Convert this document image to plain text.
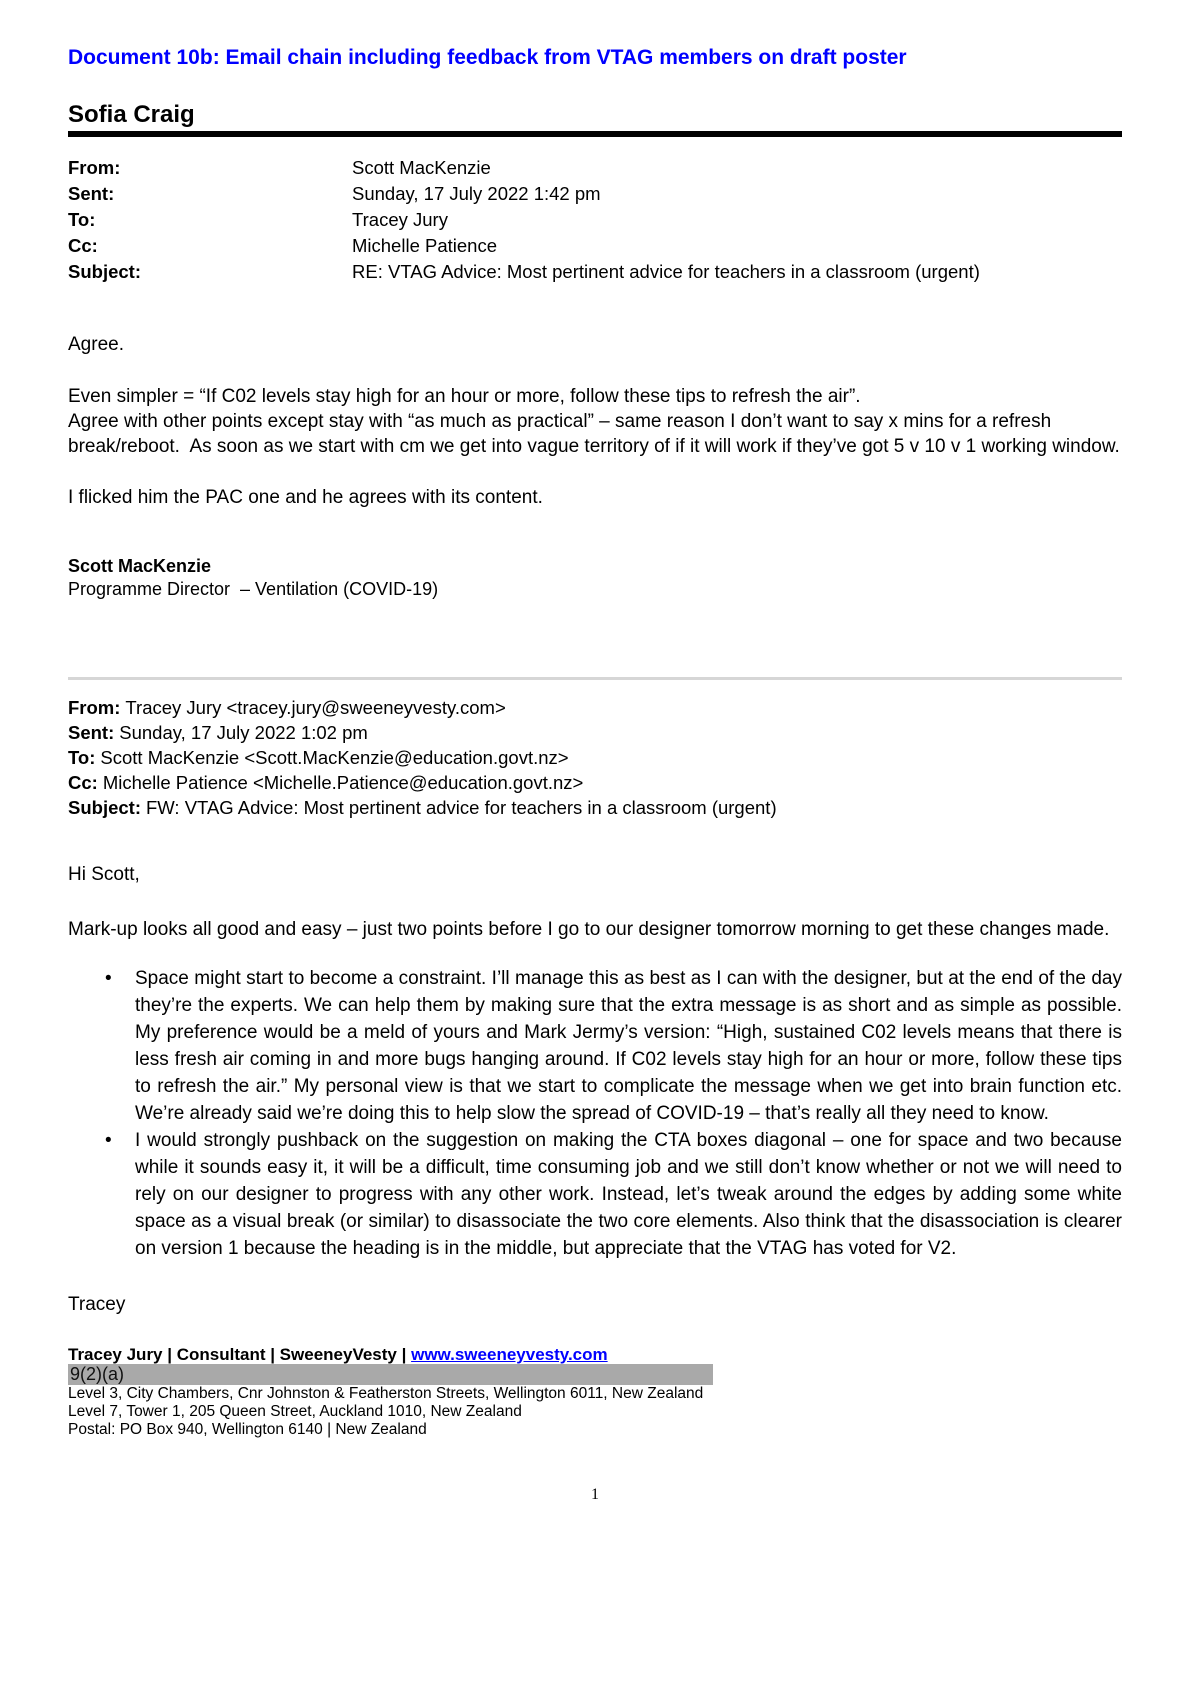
Document 10b: Email chain including feedback from VTAG members on draft poster
Sofia Craig
From:	Scott MacKenzie
Sent:	Sunday, 17 July 2022 1:42 pm
To:	Tracey Jury
Cc:	Michelle Patience
Subject:	RE: VTAG Advice: Most pertinent advice for teachers in a classroom (urgent)

Agree.

Even simpler = “If C02 levels stay high for an hour or more, follow these tips to refresh the air”.

Agree with other points except stay with “as much as practical” – same reason I don’t want to say x mins for a refresh break/reboot.  As soon as we start with cm we get into vague territory of if it will work if they’ve got 5 v 10 v 1 working window.

I flicked him the PAC one and he agrees with its content.

Scott MacKenzie
Programme Director  – Ventilation (COVID-19)

From: Tracey Jury <tracey.jury@sweeneyvesty.com>

Sent: Sunday, 17 July 2022 1:02 pm

To: Scott MacKenzie <Scott.MacKenzie@education.govt.nz>

Cc: Michelle Patience <Michelle.Patience@education.govt.nz>

Subject: FW: VTAG Advice: Most pertinent advice for teachers in a classroom (urgent)

Hi Scott,

Mark-up looks all good and easy – just two points before I go to our designer tomorrow morning to get these changes made.

•	Space might start to become a constraint. I’ll manage this as best as I can with the designer, but at the end of the day they’re the experts. We can help them by making sure that the extra message is as short and as simple as possible. My preference would be a meld of yours and Mark Jermy’s version: “High, sustained C02 levels means that there is less fresh air coming in and more bugs hanging around. If C02 levels stay high for an hour or more, follow these tips to refresh the air.” My personal view is that we start to complicate the message when we get into brain function etc. We’re already said we’re doing this to help slow the spread of COVID-19 – that’s really all they need to know.
•	I would strongly pushback on the suggestion on making the CTA boxes diagonal – one for space and two because while it sounds easy it, it will be a difficult, time consuming job and we still don’t know whether or not we will need to rely on our designer to progress with any other work. Instead, let’s tweak around the edges by adding some white space as a visual break (or similar) to disassociate the two core elements. Also think that the disassociation is clearer on version 1 because the heading is in the middle, but appreciate that the VTAG has voted for V2.

Tracey

Tracey Jury | Consultant | SweeneyVesty | www.sweeneyvesty.com
9(2)(a)
Level 3, City Chambers, Cnr Johnston & Featherston Streets, Wellington 6011, New Zealand
Level 7, Tower 1, 205 Queen Street, Auckland 1010, New Zealand
Postal: PO Box 940, Wellington 6140 | New Zealand
1
